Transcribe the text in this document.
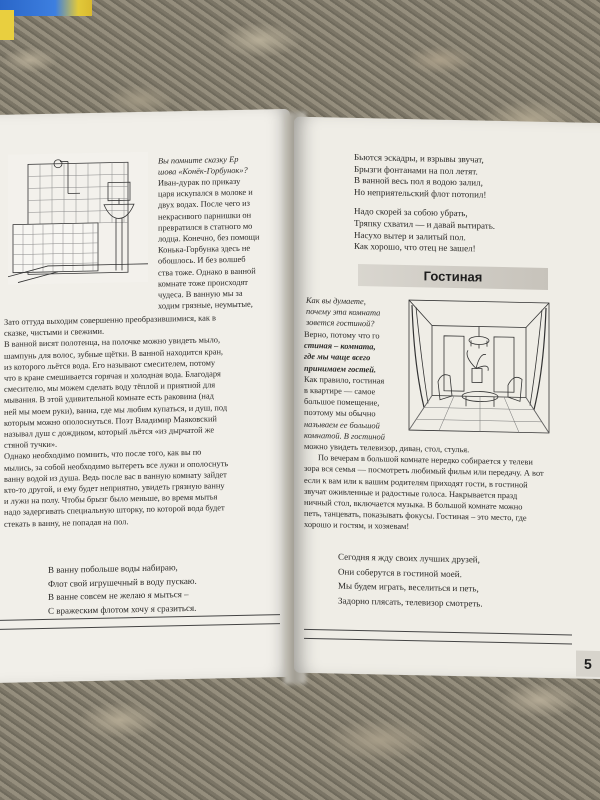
Вы помните сказку Ер

шова «Конёк-Горбунок»?

Иван-дурак по приказу

царя искупался в молоке и

двух водах. После чего из

некрасивого парнишки он

превратился в статного мо

лодца. Конечно, без помощи

Конька-Горбунка здесь не

обошлось. И без волшеб

ства тоже. Однако в ванной

комнате тоже происходят

чудеса. В ванную мы за

ходим грязные, неумытые,

Зато оттуда выходим совершенно преобразившимися, как в

сказке, чистыми и свежими.

В ванной висят полотенца, на полочке можно увидеть мыло,

шампунь для волос, зубные щётки. В ванной находится кран,

из которого льётся вода. Его называют смесителем, потому

что в кране смешивается горячая и холодная вода. Благодаря

смесителю, мы можем сделать воду тёплой и приятной для

мывания. В этой удивительной комнате есть раковина (над

ней мы моем руки), ванна, где мы любим купаться, и душ, под

которым можно ополоснуться. Поэт Владимир Маяковский

называл душ с дождиком, который льётся «из дырчатой же

стяной тучки».

Однако необходимо помнить, что после того, как вы по

мылись, за собой необходимо вытереть все лужи и ополоснуть

ванну водой из душа. Ведь после вас в ванную комнату зайдет

кто-то другой, и ему будет неприятно, увидеть грязную ванну

и лужи на полу. Чтобы брызг было меньше, во время мытья

надо задергивать специальную шторку, по которой вода будет

стекать в ванну, не попадая на пол.

В ванну побольше воды набираю,

Флот свой игрушечный в воду пускаю.

В ванне совсем не желаю я мыться –

С вражеским флотом хочу я сразиться.

Бьются эскадры, и взрывы звучат,

Брызги фонтанами на пол летят.

В ванной весь пол я водою залил,

Но неприятельский флот потопил!

Надо скорей за собою убрать,

Тряпку схватил — и давай вытирать.

Насухо вытер и залитый пол.

Как хорошо, что отец не зашел!

Гостиная

Как вы думаете,

почему эта комната

зовется гостиной?

Верно, потому что го

стиная – комната,

где мы чаще всего

принимаем гостей.

Как правило, гостиная

в квартире — самое

большое помещение,

поэтому мы обычно

называем ее большой

комнатой. В гостиной

можно увидеть телевизор, диван, стол, стулья.

По вечерам в большой комнате нередко собирается у телеви

зора вся семья — посмотреть любимый фильм или передачу. А вот

если к вам или к вашим родителям приходят гости, в гостиной

звучат оживленные и радостные голоса. Накрывается празд

ничный стол, включается музыка. В большой комнате можно

петь, танцевать, показывать фокусы. Гостиная – это место, где

хорошо и гостям, и хозяевам!

Сегодня я жду своих лучших друзей,

Они соберутся в гостиной моей.

Мы будем играть, веселиться и петь,

Задорно плясать, телевизор смотреть.

5
